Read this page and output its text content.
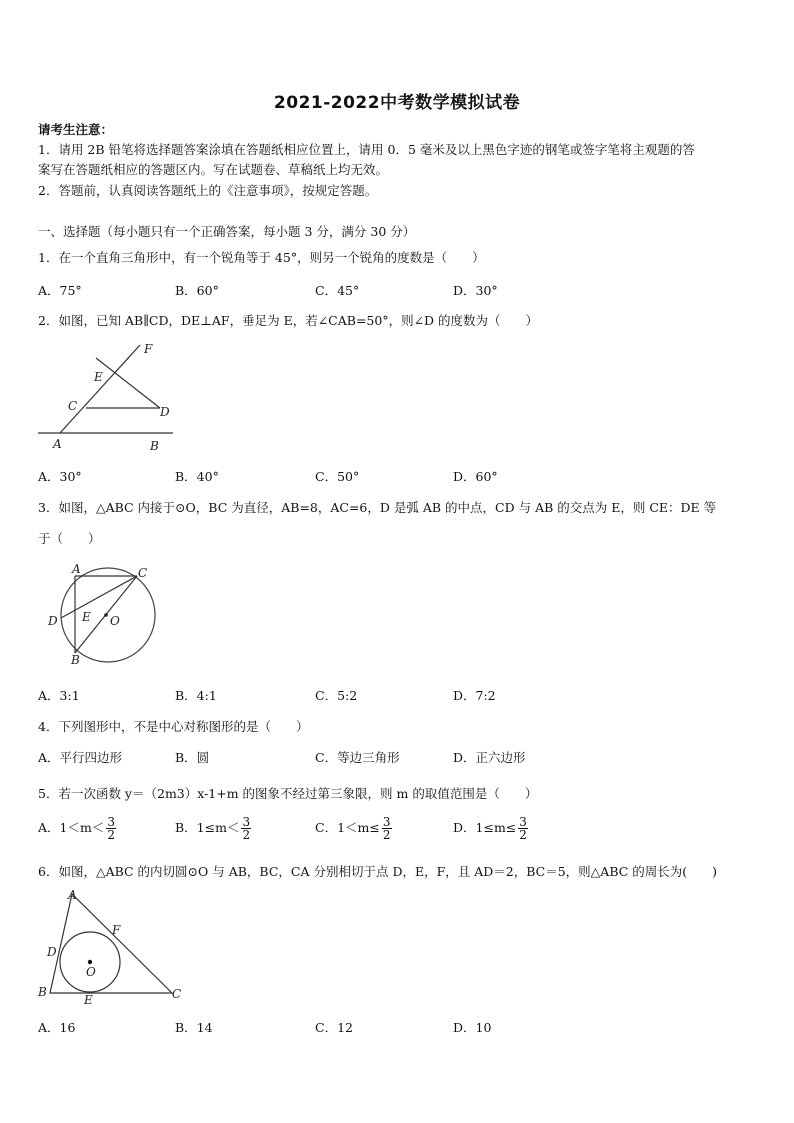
2021-2022中考数学模拟试卷
请考生注意：
1．请用 2B 铅笔将选择题答案涂填在答题纸相应位置上，请用 0．5 毫米及以上黑色字迹的钢笔或签字笔将主观题的答
案写在答题纸相应的答题区内。写在试题卷、草稿纸上均无效。
2．答题前，认真阅读答题纸上的《注意事项》，按规定答题。
一、选择题（每小题只有一个正确答案，每小题 3 分，满分 30 分）
1．在一个直角三角形中，有一个锐角等于 45°，则另一个锐角的度数是（　　）
A．75°	B．60°	C．45°	D．30°
2．如图，已知 AB∥CD，DE⊥AF，垂足为 E，若∠CAB=50°，则∠D 的度数为（　　）
F
E
C	D
A	B
A．30°	B．40°	C．50°	D．60°
3．如图，△ABC 内接于⊙O，BC 为直径，AB=8，AC=6，D 是弧 AB 的中点，CD 与 AB 的交点为 E，则 CE：DE 等
于（　　）
A	C
D E O
B
A．3:1	B．4:1	C．5:2	D．7:2
4．下列图形中，不是中心对称图形的是（　　）
A．平行四边形	B．圆	C．等边三角形	D．正六边形
5．若一次函数 y＝（2m3）x-1+m 的图象不经过第三象限，则 m 的取值范围是（　　）
A．$1<m< \frac{3}{2}$	B．$1\le m< \frac{3}{2}$	C．$1<m\le \frac{3}{2}$	D．$1\le m\le \frac{3}{2}$
6．如图，△ABC 的内切圆⊙O 与 AB，BC，CA 分别相切于点 D，E，F，且 AD＝2，BC＝5，则△ABC 的周长为(　　)
A
F
D
O
B
E	C
A．16	B．14	C．12	D．10
